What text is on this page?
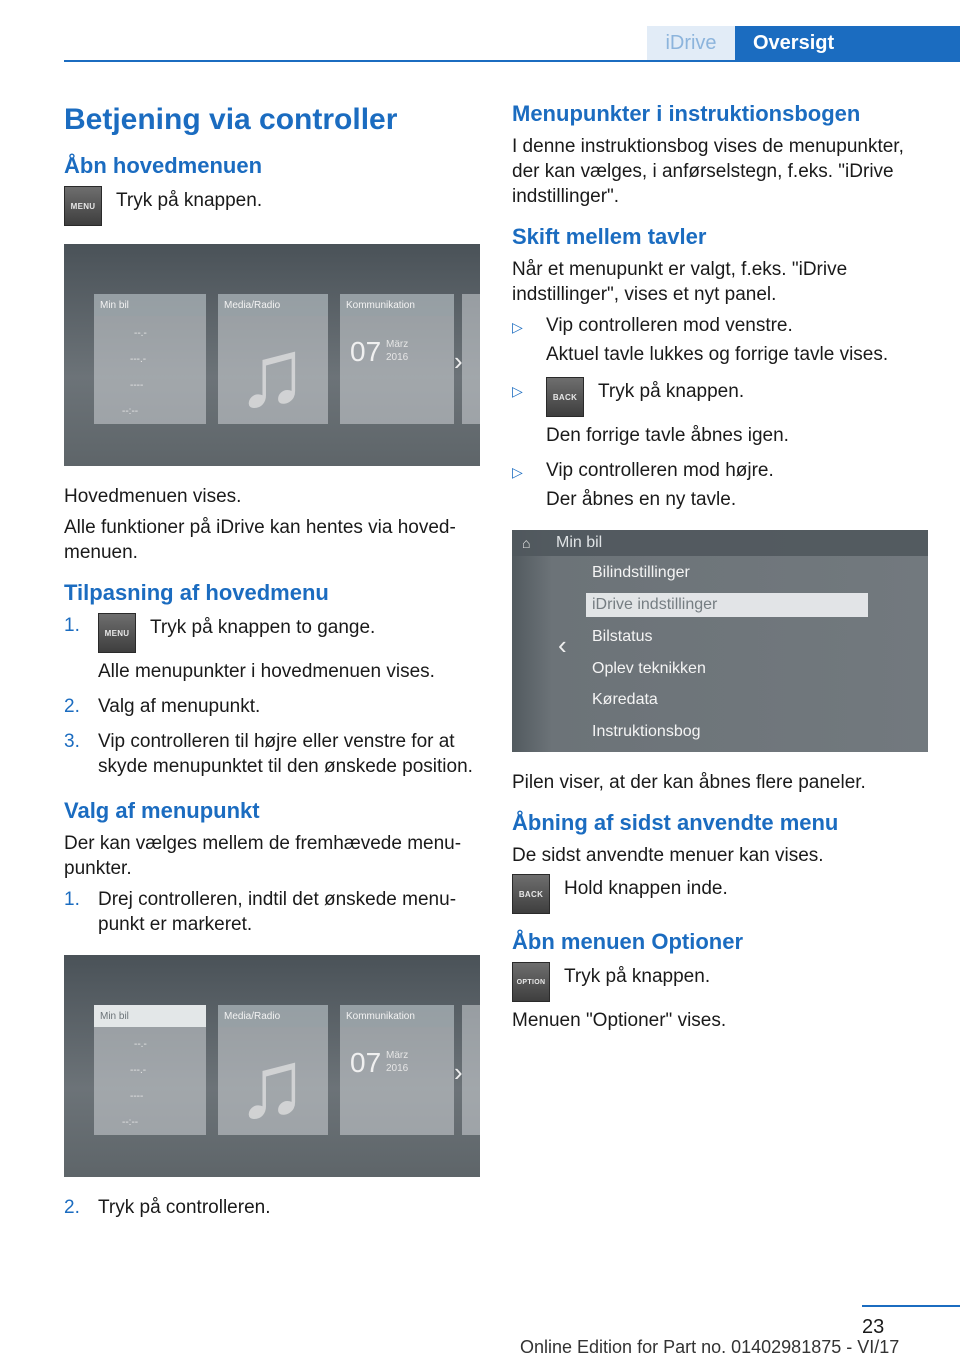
iDrive	Oversigt
Betjening via controller
Åbn hovedmenuen
MENU	Tryk på knappen.
Min bil	Media/Radio	Kommunikation
--.-
---.-
----
--:-- ♫	07 März
2016 ›

Hovedmenuen vises.

Alle funktioner på iDrive kan hentes via hovedmenuen.

Tilpasning af hovedmenu
1.	MENU	Tryk på knappen to gange.

Alle menupunkter i hovedmenuen vises.

2. Valg af menupunkt.

3. Vip controlleren til højre eller venstre for at skyde menupunktet til den ønskede position.

Valg af menupunkt

Der kan vælges mellem de fremhævede menupunkter.

1. Drej controlleren, indtil det ønskede menupunkt er markeret.

Min bil	Media/Radio	Kommunikation
--.-
---.-
----
--:-- ♫	07 März
2016 ›
2. Tryk på controlleren.

Menupunkter i instruktionsbogen

I denne instruktionsbog vises de menupunkter, der kan vælges, i anførselstegn, f.eks. "iDrive indstillinger".

Skift mellem tavler

Når et menupunkt er valgt, f.eks. "iDrive indstillinger", vises et nyt panel.

▷	Vip controlleren mod venstre.

Aktuel tavle lukkes og forrige tavle vises.

▷	BACK	Tryk på knappen.

Den forrige tavle åbnes igen.

▷	Vip controlleren mod højre.

Der åbnes en ny tavle.

⌂ Min bil
Bilindstillinger
iDrive indstillinger
Bilstatus
Oplev teknikken
Køredata
Instruktionsbog
‹

Pilen viser, at der kan åbnes flere paneler.

Åbning af sidst anvendte menu

De sidst anvendte menuer kan vises.

BACK	Hold knappen inde.
Åbn menuen Optioner
OPTION Tryk på knappen.

Menuen "Optioner" vises.

23
Online Edition for Part no. 01402981875 - VI/17
